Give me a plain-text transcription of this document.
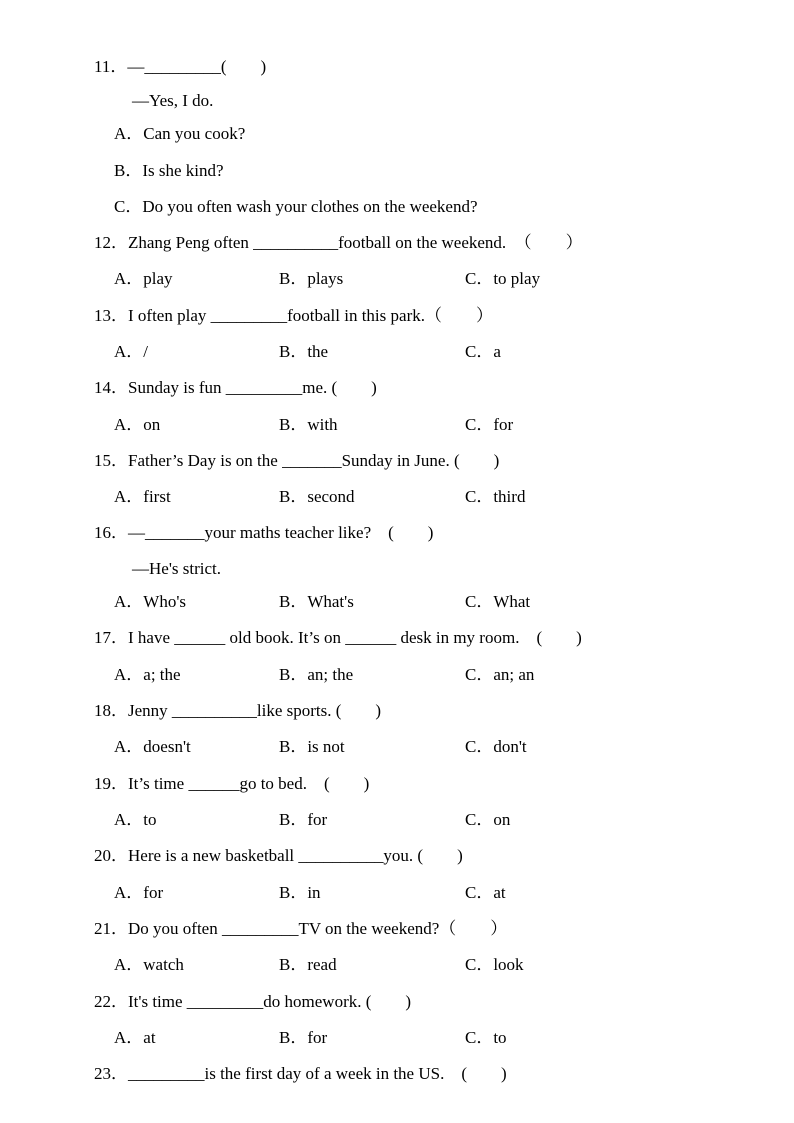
11．—_________(　　)
—Yes, I do.
A．Can you cook?
B．Is she kind?
C．Do you often wash your clothes on the weekend?
12．Zhang Peng often __________football on the weekend.　（　　）
A．play	B．plays	C．to play
13．I often play _________football in this park.（　　）
A．/	B．the	C．a
14．Sunday is fun _________me. (　　)
A．on	B．with	C．for
15．Father’s Day is on the _______Sunday in June. (　　)
A．first	B．second	C．third
16．—_______your maths teacher like?　(　　)
—He's strict.
A．Who's	B．What's	C．What
17．I have ______ old book. It’s on ______ desk in my room.　(　　)
A．a; the	B．an; the	C．an; an
18．Jenny __________like sports. (　　)
A．doesn't	B．is not	C．don't
19．It’s time ______go to bed.　(　　)
A．to	B．for	C．on
20．Here is a new basketball __________you. (　　)
A．for	B．in	C．at
21．Do you often _________TV on the weekend?（　　）
A．watch	B．read	C．look
22．It's time _________do homework. (　　)
A．at	B．for	C．to
23．_________is the first day of a week in the US.　(　　)
